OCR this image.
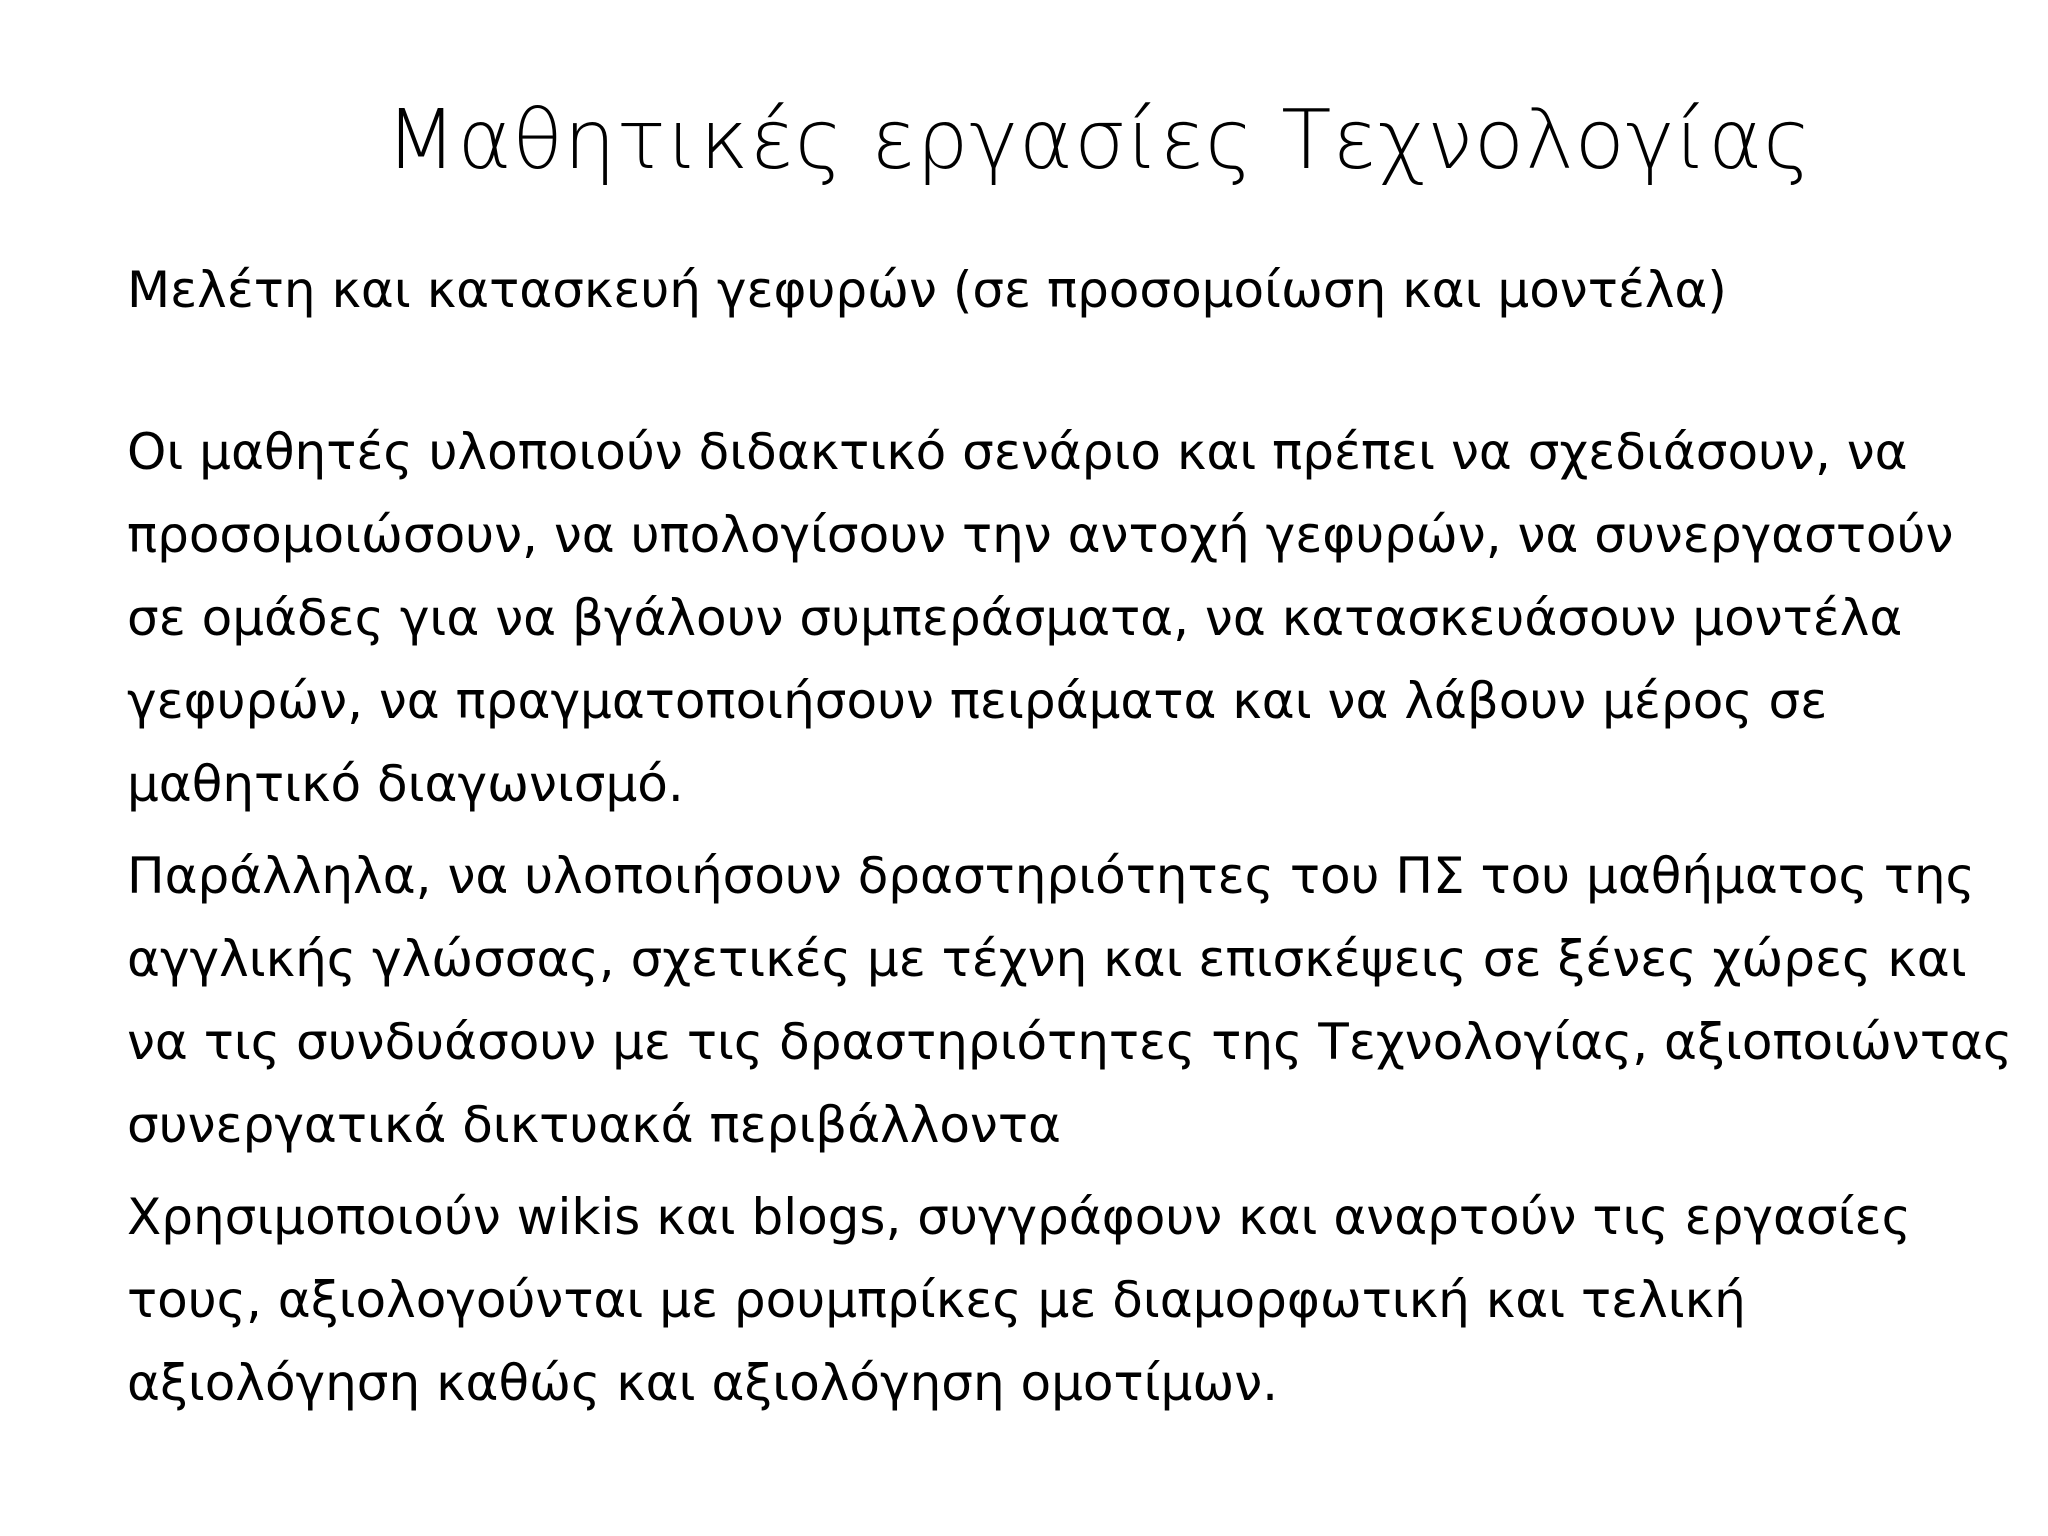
Μαθητικές εργασίες Τεχνολογίας

Μελέτη και κατασκευή γεφυρών (σε προσομοίωση και μοντέλα)

Οι μαθητές υλοποιούν διδακτικό σενάριο και πρέπει να σχεδιάσουν, να προσομοιώσουν, να υπολογίσουν την αντοχή γεφυρών, να συνεργαστούν σε ομάδες για να βγάλουν συμπεράσματα, να κατασκευάσουν μοντέλα γεφυρών, να πραγματοποιήσουν πειράματα και να λάβουν μέρος σε μαθητικό διαγωνισμό.

Παράλληλα, να υλοποιήσουν δραστηριότητες του ΠΣ του μαθήματος της αγγλικής γλώσσας, σχετικές με τέχνη και επισκέψεις σε ξένες χώρες και να τις συνδυάσουν με τις δραστηριότητες της Τεχνολογίας, αξιοποιώντας συνεργατικά δικτυακά περιβάλλοντα

Χρησιμοποιούν wikis και blogs, συγγράφουν και αναρτούν τις εργασίες τους, αξιολογούνται με ρουμπρίκες με διαμορφωτική και τελική αξιολόγηση καθώς και αξιολόγηση ομοτίμων.
